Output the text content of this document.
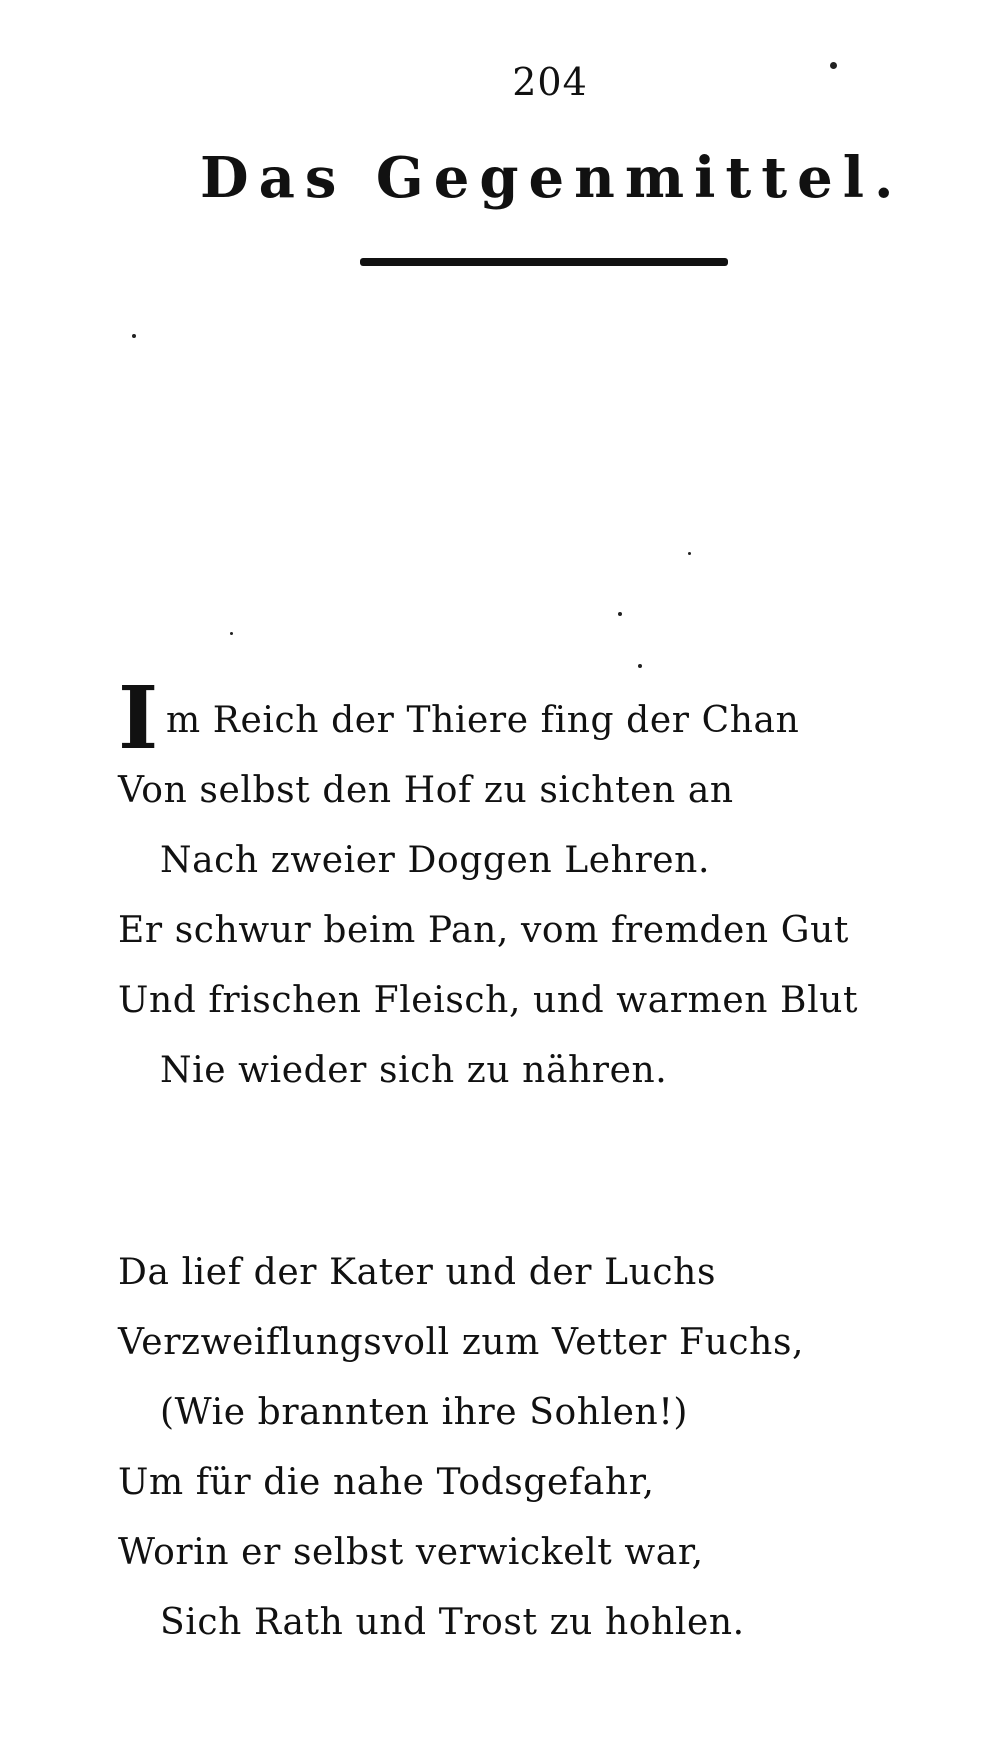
204
Das Gegenmittel.
I m Reich der Thiere fing der Chan
Von selbst den Hof zu sichten an
Nach zweier Doggen Lehren.
Er schwur beim Pan, vom fremden Gut
Und frischen Fleisch, und warmen Blut
Nie wieder sich zu nähren.
Da lief der Kater und der Luchs
Verzweiflungsvoll zum Vetter Fuchs,
(Wie brannten ihre Sohlen!)
Um für die nahe Todsgefahr,
Worin er selbst verwickelt war,
Sich Rath und Trost zu hohlen.
